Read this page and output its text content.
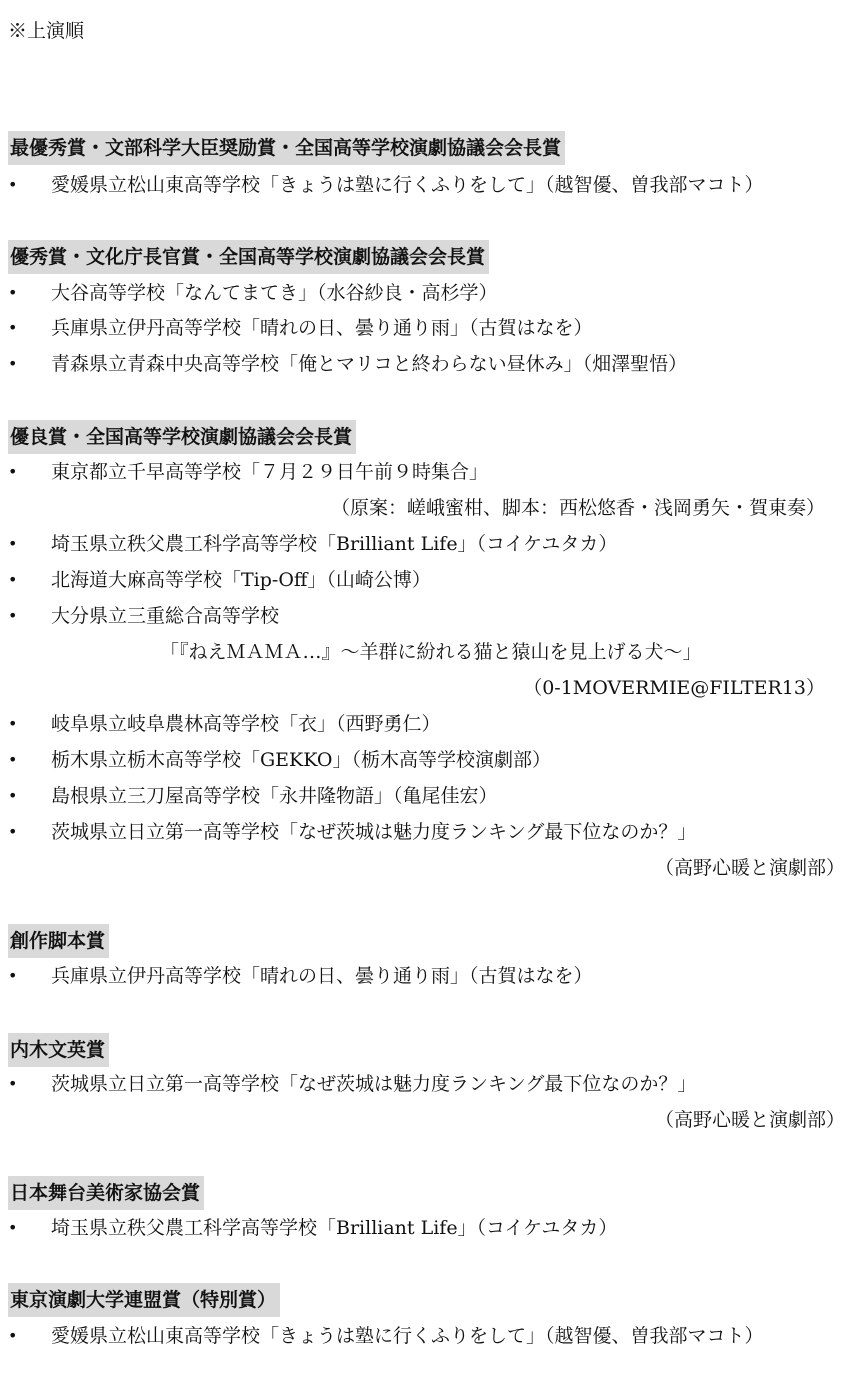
※上演順
最優秀賞・文部科学大臣奨励賞・全国高等学校演劇協議会会長賞
• 愛媛県立松山東高等学校「きょうは塾に行くふりをして」（越智優、曽我部マコト）
優秀賞・文化庁長官賞・全国高等学校演劇協議会会長賞
• 大谷高等学校「なんてまてき」（水谷紗良・高杉学）
• 兵庫県立伊丹高等学校「晴れの日、曇り通り雨」（古賀はなを）
• 青森県立青森中央高等学校「俺とマリコと終わらない昼休み」（畑澤聖悟）
優良賞・全国高等学校演劇協議会会長賞
• 東京都立千早高等学校「７月２９日午前９時集合」
（原案：嵯峨蜜柑、脚本：西松悠香・浅岡勇矢・賀東奏）
• 埼玉県立秩父農工科学高等学校「Brilliant Life」（コイケユタカ）
• 北海道大麻高等学校「Tip-Off」（山崎公博）
• 大分県立三重総合高等学校
「『ねえＭＡＭＡ…』～羊群に紛れる猫と猿山を見上げる犬～」
（0-1MOVERMIE@FILTER13）
• 岐阜県立岐阜農林高等学校「衣」（西野勇仁）
• 栃木県立栃木高等学校「GEKKO」（栃木高等学校演劇部）
• 島根県立三刀屋高等学校「永井隆物語」（亀尾佳宏）
• 茨城県立日立第一高等学校「なぜ茨城は魅力度ランキング最下位なのか？」
（高野心暖と演劇部）
創作脚本賞
• 兵庫県立伊丹高等学校「晴れの日、曇り通り雨」（古賀はなを）
内木文英賞
• 茨城県立日立第一高等学校「なぜ茨城は魅力度ランキング最下位なのか？」
（高野心暖と演劇部）
日本舞台美術家協会賞
• 埼玉県立秩父農工科学高等学校「Brilliant Life」（コイケユタカ）
東京演劇大学連盟賞（特別賞）
• 愛媛県立松山東高等学校「きょうは塾に行くふりをして」（越智優、曽我部マコト）
